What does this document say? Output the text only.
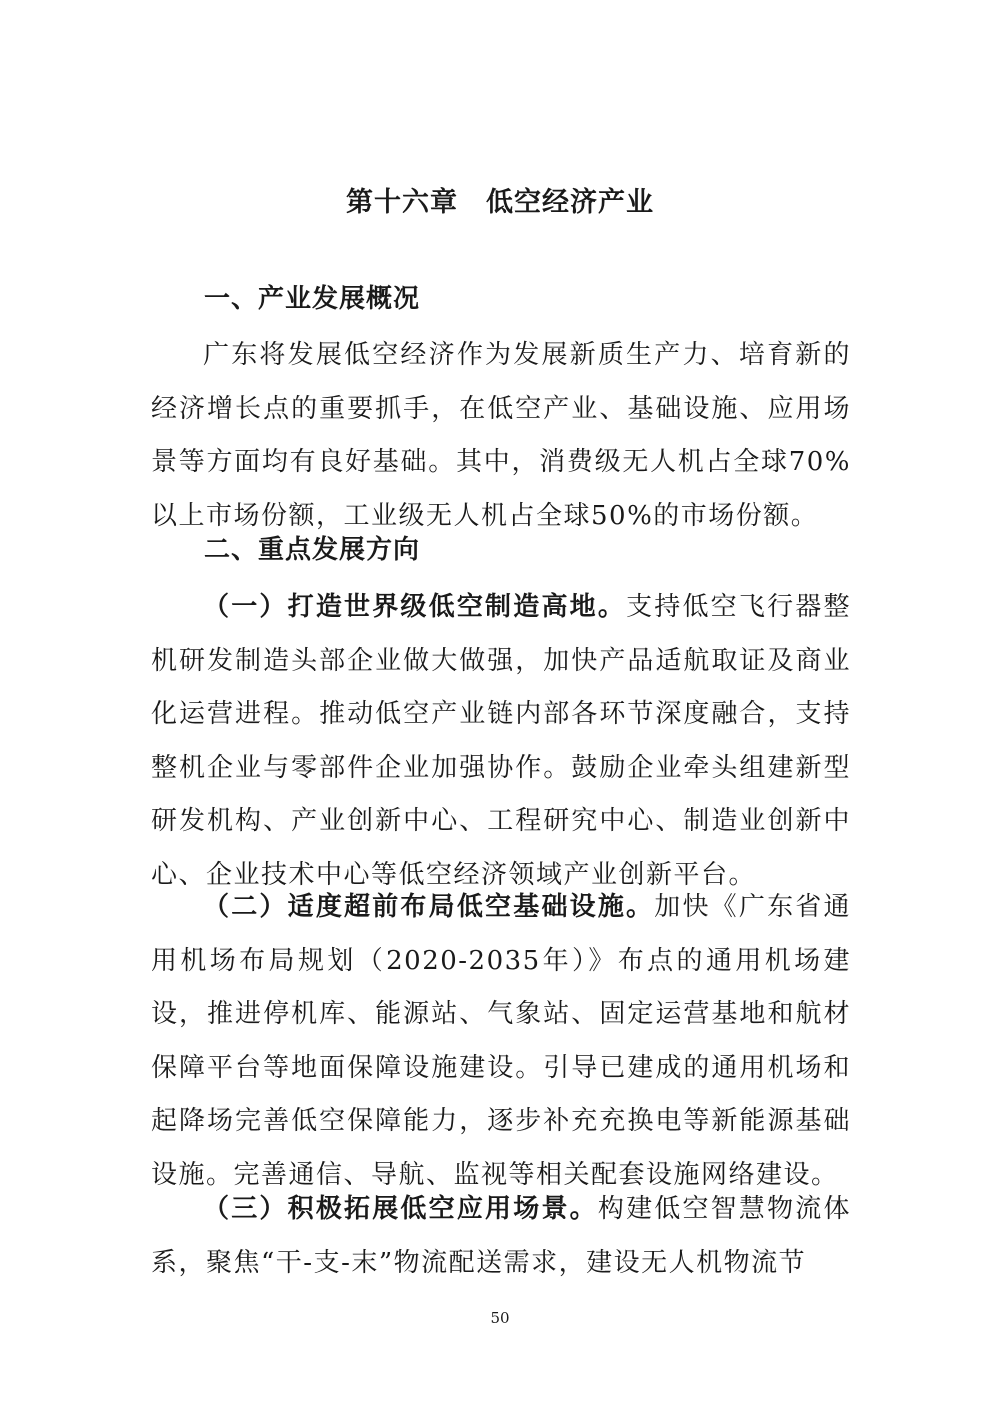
第十六章　低空经济产业
一、产业发展概况

广东将发展低空经济作为发展新质生产力、培育新的经济增长点的重要抓手，在低空产业、基础设施、应用场景等方面均有良好基础。其中，消费级无人机占全球70%以上市场份额，工业级无人机占全球50%的市场份额。

二、重点发展方向

（一）打造世界级低空制造高地。支持低空飞行器整机研发制造头部企业做大做强，加快产品适航取证及商业化运营进程。推动低空产业链内部各环节深度融合，支持整机企业与零部件企业加强协作。鼓励企业牵头组建新型研发机构、产业创新中心、工程研究中心、制造业创新中心、企业技术中心等低空经济领域产业创新平台。

（二）适度超前布局低空基础设施。加快《广东省通用机场布局规划（2020-2035年）》布点的通用机场建设，推进停机库、能源站、气象站、固定运营基地和航材保障平台等地面保障设施建设。引导已建成的通用机场和起降场完善低空保障能力，逐步补充充换电等新能源基础设施。完善通信、导航、监视等相关配套设施网络建设。

（三）积极拓展低空应用场景。构建低空智慧物流体系，聚焦“干-支-末”物流配送需求，建设无人机物流节

50
